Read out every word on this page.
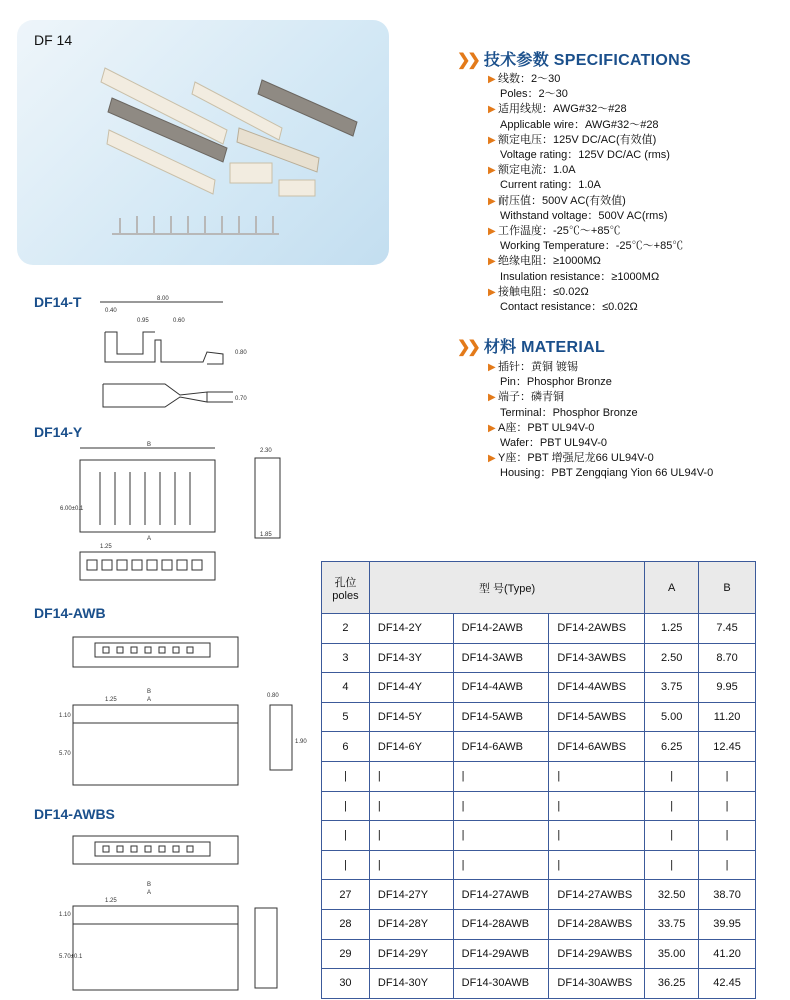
DF 14
❯❯ 技术参数 SPECIFICATIONS
▶ 线数：2～30
Poles：2～30
▶ 适用线规：AWG#32～#28
Applicable wire：AWG#32～#28
▶ 额定电压：125V DC/AC(有效值)
Voltage rating：125V DC/AC (rms)
▶ 额定电流：1.0A
Current rating：1.0A
▶ 耐压值：500V AC(有效值)
Withstand voltage：500V AC(rms)
▶ 工作温度：-25℃～+85℃
Working Temperature：-25℃～+85℃
▶ 绝缘电阻：≥1000MΩ
Insulation resistance：≥1000MΩ
▶ 接触电阻：≤0.02Ω
Contact resistance：≤0.02Ω
❯❯ 材料 MATERIAL
▶ 插针：黄铜 镀锡
Pin：Phosphor Bronze
▶ 端子：磷青铜
Terminal：Phosphor Bronze
▶ A座：PBT UL94V-0
Wafer：PBT UL94V-0
▶ Y座：PBT 增强尼龙66 UL94V-0
Housing：PBT Zengqiang Yion 66 UL94V-0
DF14-T	8.00
0.40
0.95	0.60
0.80
0.70
DF14-Y
B
2.30
6.00±0.1
1.25
A
1.85
DF14-AWB
B
A
1.25
0.80
1.10
5.70
1.90
DF14-AWBS
B
A
1.25
1.10
5.70±0.1
孔位
poles	型 号(Type)			A	B
2	DF14-2Y	DF14-2AWB	DF14-2AWBS	1.25	7.45
3	DF14-3Y	DF14-3AWB	DF14-3AWBS	2.50	8.70
4	DF14-4Y	DF14-4AWB	DF14-4AWBS	3.75	9.95
5	DF14-5Y	DF14-5AWB	DF14-5AWBS	5.00	11.20
6	DF14-6Y	DF14-6AWB	DF14-6AWBS	6.25	12.45
|	|	|	|	|	|
|	|	|	|	|	|
|	|	|	|	|	|
|	|	|	|	|	|
27	DF14-27Y	DF14-27AWB	DF14-27AWBS	32.50	38.70
28	DF14-28Y	DF14-28AWB	DF14-28AWBS	33.75	39.95
29	DF14-29Y	DF14-29AWB	DF14-29AWBS	35.00	41.20
30	DF14-30Y	DF14-30AWB	DF14-30AWBS	36.25	42.45
